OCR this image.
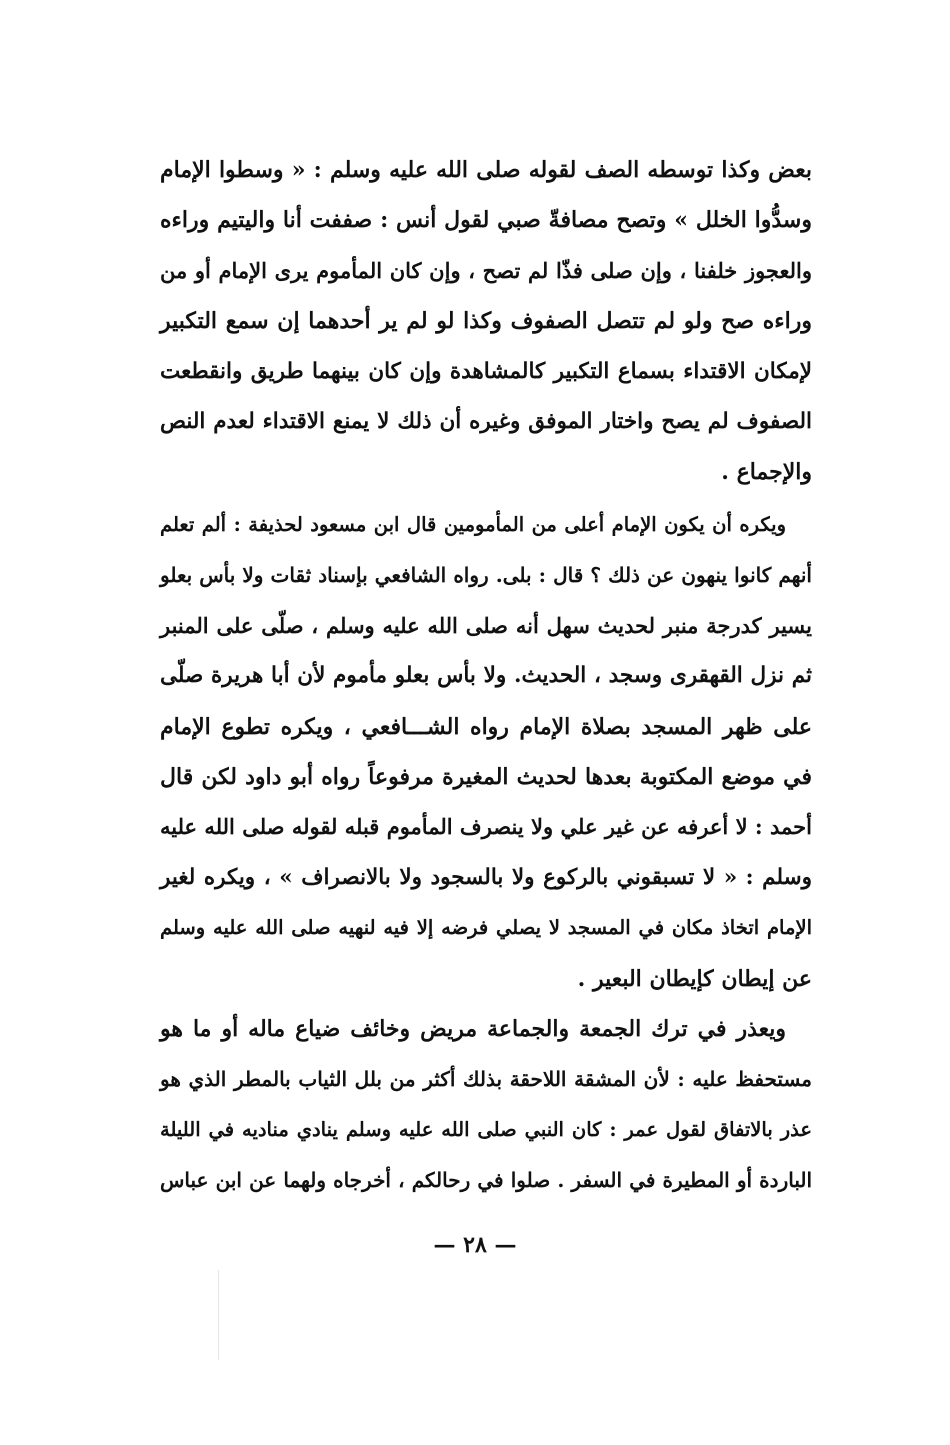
بعض وكذا توسطه الصف لقوله صلى الله عليه وسلم : « وسطوا الإمام
وسدُّوا الخلل » وتصح مصافةّ صبي لقول أنس : صففت أنا واليتيم وراءه
والعجوز خلفنا ، وإن صلى فذّا لم تصح ، وإن كان المأموم يرى الإمام أو من
وراءه صح ولو لم تتصل الصفوف وكذا لو لم ير أحدهما إن سمع التكبير
لإمكان الاقتداء بسماع التكبير كالمشاهدة وإن كان بينهما طريق وانقطعت
الصفوف لم يصح واختار الموفق وغيره أن ذلك لا يمنع الاقتداء لعدم النص
والإجماع .
ويكره أن يكون الإمام أعلى من المأمومين قال ابن مسعود لحذيفة : ألم تعلم
أنهم كانوا ينهون عن ذلك ؟ قال : بلى. رواه الشافعي بإسناد ثقات ولا بأس بعلو
يسير كدرجة منبر لحديث سهل أنه صلى الله عليه وسلم ، صلّى على المنبر
ثم نزل القهقرى وسجد ، الحديث. ولا بأس بعلو مأموم لأن أبا هريرة صلّى
على ظهر المسجد بصلاة الإمام رواه الشـــافعي ، ويكره تطوع الإمام
في موضع المكتوبة بعدها لحديث المغيرة مرفوعاً رواه أبو داود لكن قال
أحمد : لا أعرفه عن غير علي ولا ينصرف المأموم قبله لقوله صلى الله عليه
وسلم : « لا تسبقوني بالركوع ولا بالسجود ولا بالانصراف » ، ويكره لغير
الإمام اتخاذ مكان في المسجد لا يصلي فرضه إلا فيه لنهيه صلى الله عليه وسلم
عن إيطان كإيطان البعير .
ويعذر في ترك الجمعة والجماعة مريض وخائف ضياع ماله أو ما هو
مستحفظ عليه : لأن المشقة اللاحقة بذلك أكثر من بلل الثياب بالمطر الذي هو
عذر بالاتفاق لقول عمر : كان النبي صلى الله عليه وسلم ينادي مناديه في الليلة
الباردة أو المطيرة في السفر . صلوا في رحالكم ، أخرجاه ولهما عن ابن عباس
— ٢٨ —
